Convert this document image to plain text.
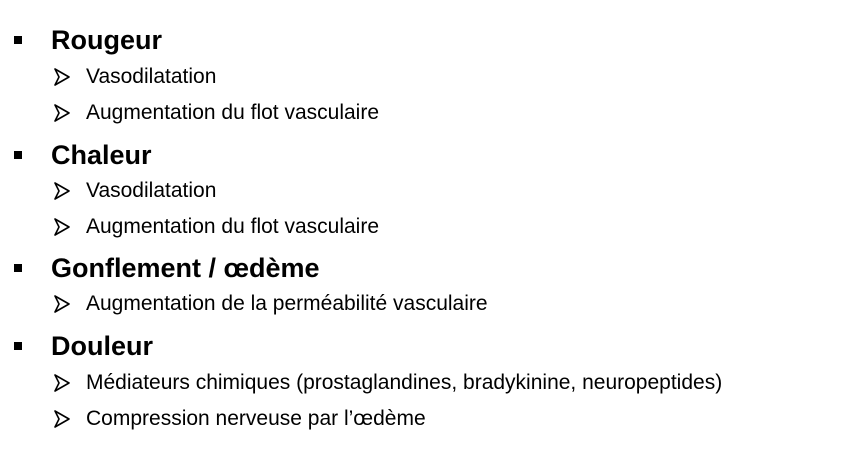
Rougeur
Vasodilatation
Augmentation du flot vasculaire
Chaleur
Vasodilatation
Augmentation du flot vasculaire
Gonflement / œdème
Augmentation de la perméabilité vasculaire
Douleur
Médiateurs chimiques (prostaglandines, bradykinine, neuropeptides)
Compression nerveuse par l’œdème
